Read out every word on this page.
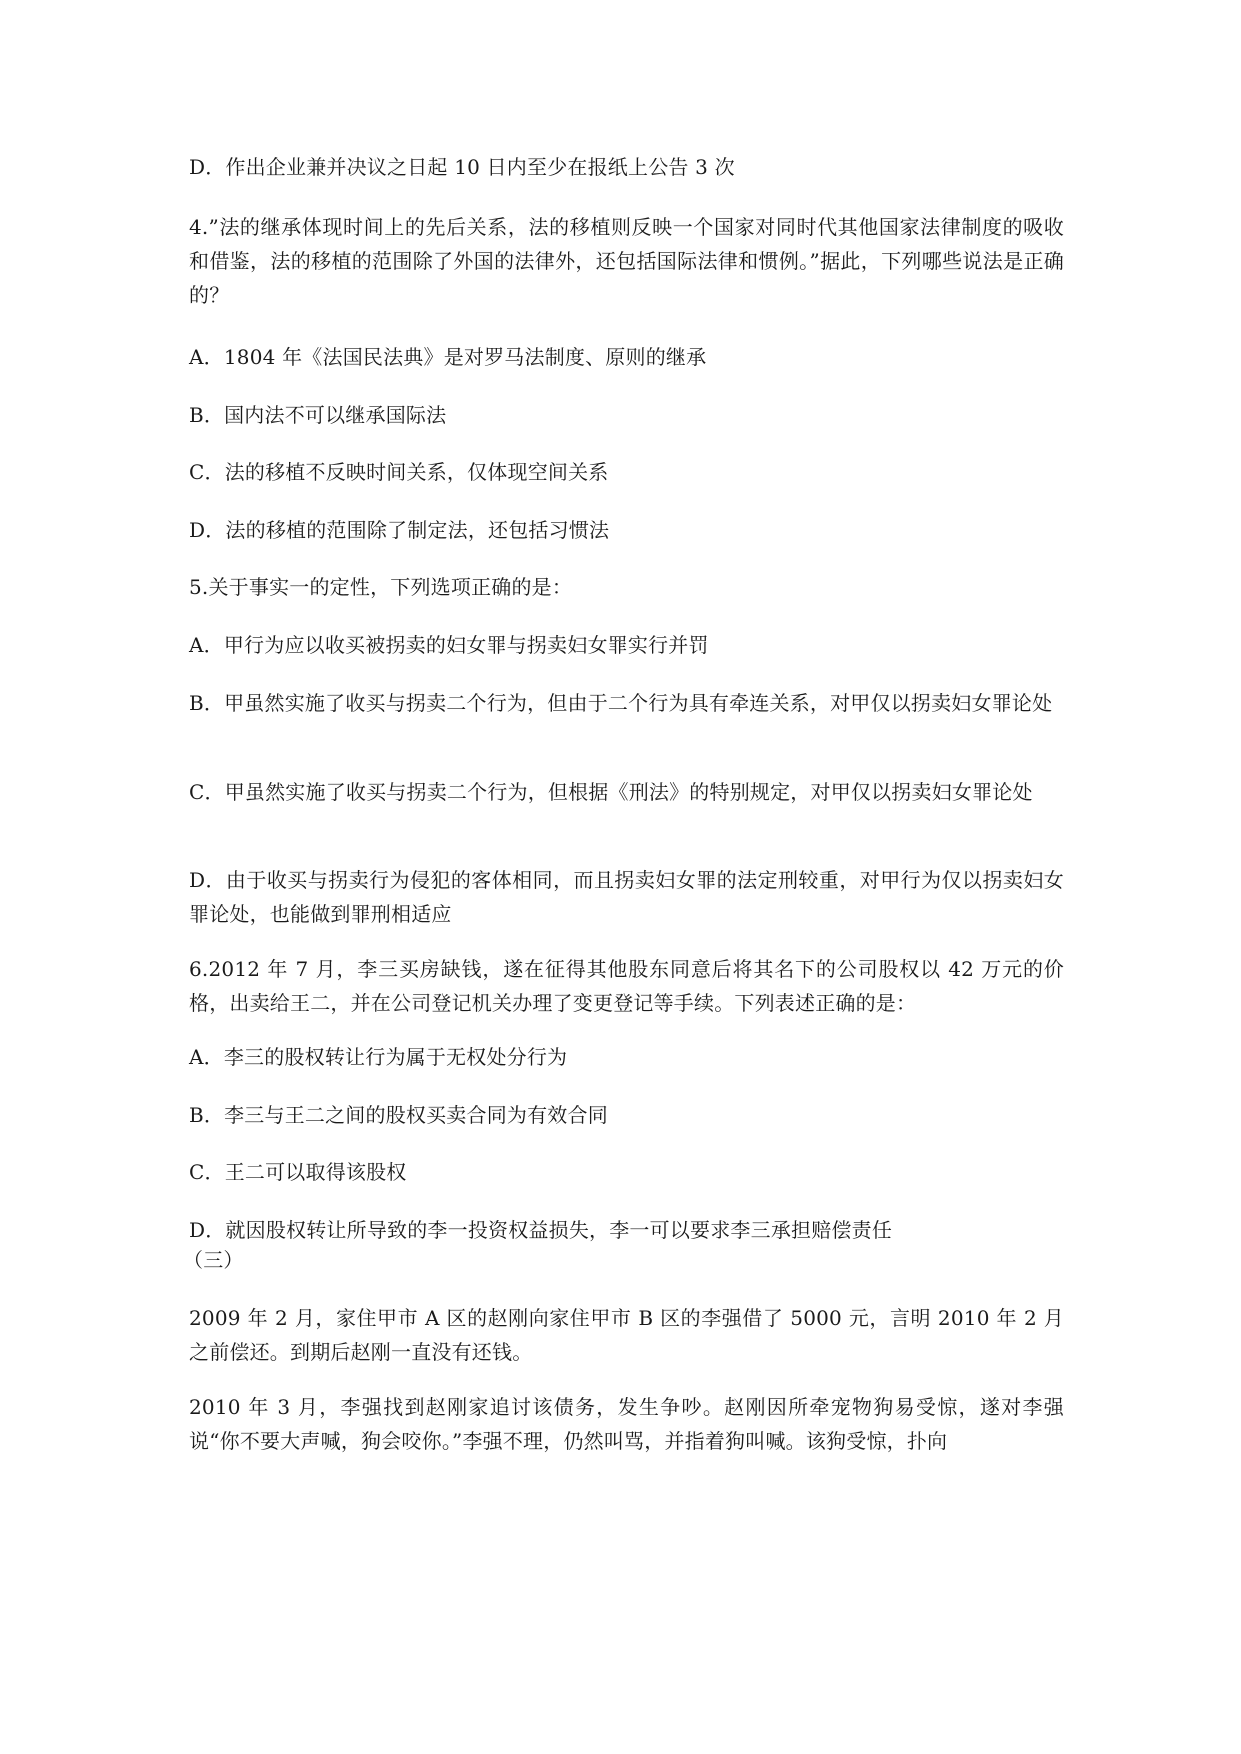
D．作出企业兼并决议之日起 10 日内至少在报纸上公告 3 次
4.”法的继承体现时间上的先后关系，法的移植则反映一个国家对同时代其他国家法律制度的吸收和借鉴，法的移植的范围除了外国的法律外，还包括国际法律和惯例。”据此，下列哪些说法是正确的？
A．1804 年《法国民法典》是对罗马法制度、原则的继承
B．国内法不可以继承国际法
C．法的移植不反映时间关系，仅体现空间关系
D．法的移植的范围除了制定法，还包括习惯法
5.关于事实一的定性，下列选项正确的是：
A．甲行为应以收买被拐卖的妇女罪与拐卖妇女罪实行并罚
B．甲虽然实施了收买与拐卖二个行为，但由于二个行为具有牵连关系，对甲仅以拐卖妇女罪论处
C．甲虽然实施了收买与拐卖二个行为，但根据《刑法》的特别规定，对甲仅以拐卖妇女罪论处
D．由于收买与拐卖行为侵犯的客体相同，而且拐卖妇女罪的法定刑较重，对甲行为仅以拐卖妇女罪论处，也能做到罪刑相适应
6.2012 年 7 月，李三买房缺钱，遂在征得其他股东同意后将其名下的公司股权以 42 万元的价格，出卖给王二，并在公司登记机关办理了变更登记等手续。下列表述正确的是：
A．李三的股权转让行为属于无权处分行为
B．李三与王二之间的股权买卖合同为有效合同
C．王二可以取得该股权
D．就因股权转让所导致的李一投资权益损失，李一可以要求李三承担赔偿责任
（三）
2009 年 2 月，家住甲市 A 区的赵刚向家住甲市 B 区的李强借了 5000 元，言明 2010 年 2 月之前偿还。到期后赵刚一直没有还钱。
2010 年 3 月，李强找到赵刚家追讨该债务，发生争吵。赵刚因所牵宠物狗易受惊，遂对李强说“你不要大声喊，狗会咬你。”李强不理，仍然叫骂，并指着狗叫喊。该狗受惊，扑向
